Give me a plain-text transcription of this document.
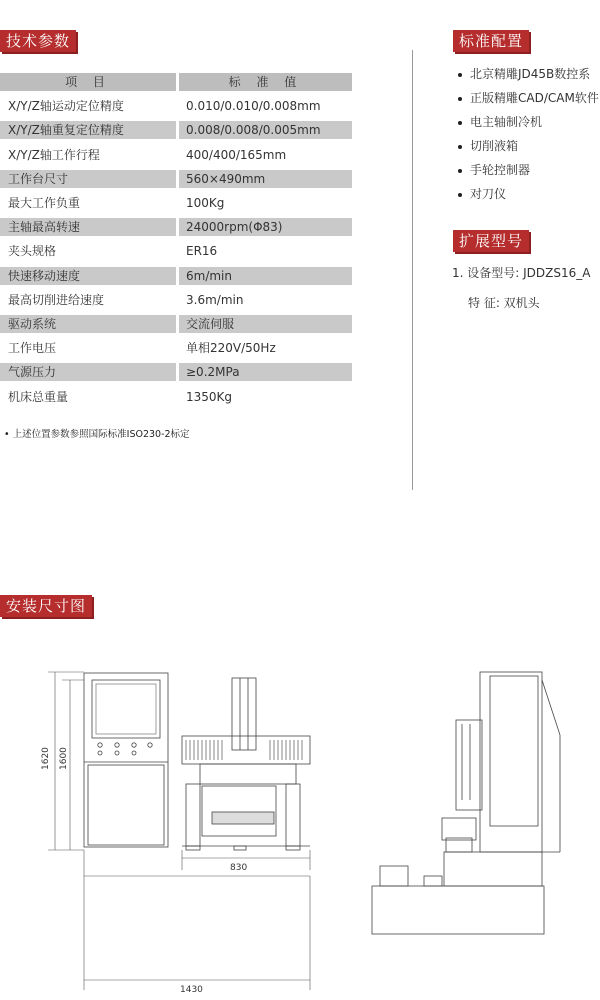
技术参数	标准配置
扩展型号
安装尺寸图
项 目	标 准 值
X/Y/Z轴运动定位精度	0.010/0.010/0.008mm
X/Y/Z轴重复定位精度	0.008/0.008/0.005mm
X/Y/Z轴工作行程	400/400/165mm
工作台尺寸	560×490mm
最大工作负重	100Kg
主轴最高转速	24000rpm(Φ83)
夹头规格	ER16
快速移动速度	6m/min
最高切削进给速度	3.6m/min
驱动系统	交流伺服
工作电压	单相220V/50Hz
气源压力	≥0.2MPa
机床总重量	1350Kg
• 上述位置参数参照国际标准ISO230-2标定
北京精雕JD45B数控系
正版精雕CAD/CAM软件
电主轴制冷机
切削液箱
手轮控制器
对刀仪
1. 设备型号: JDDZS16_A
特 征: 双机头
1620 1600
830
1430
